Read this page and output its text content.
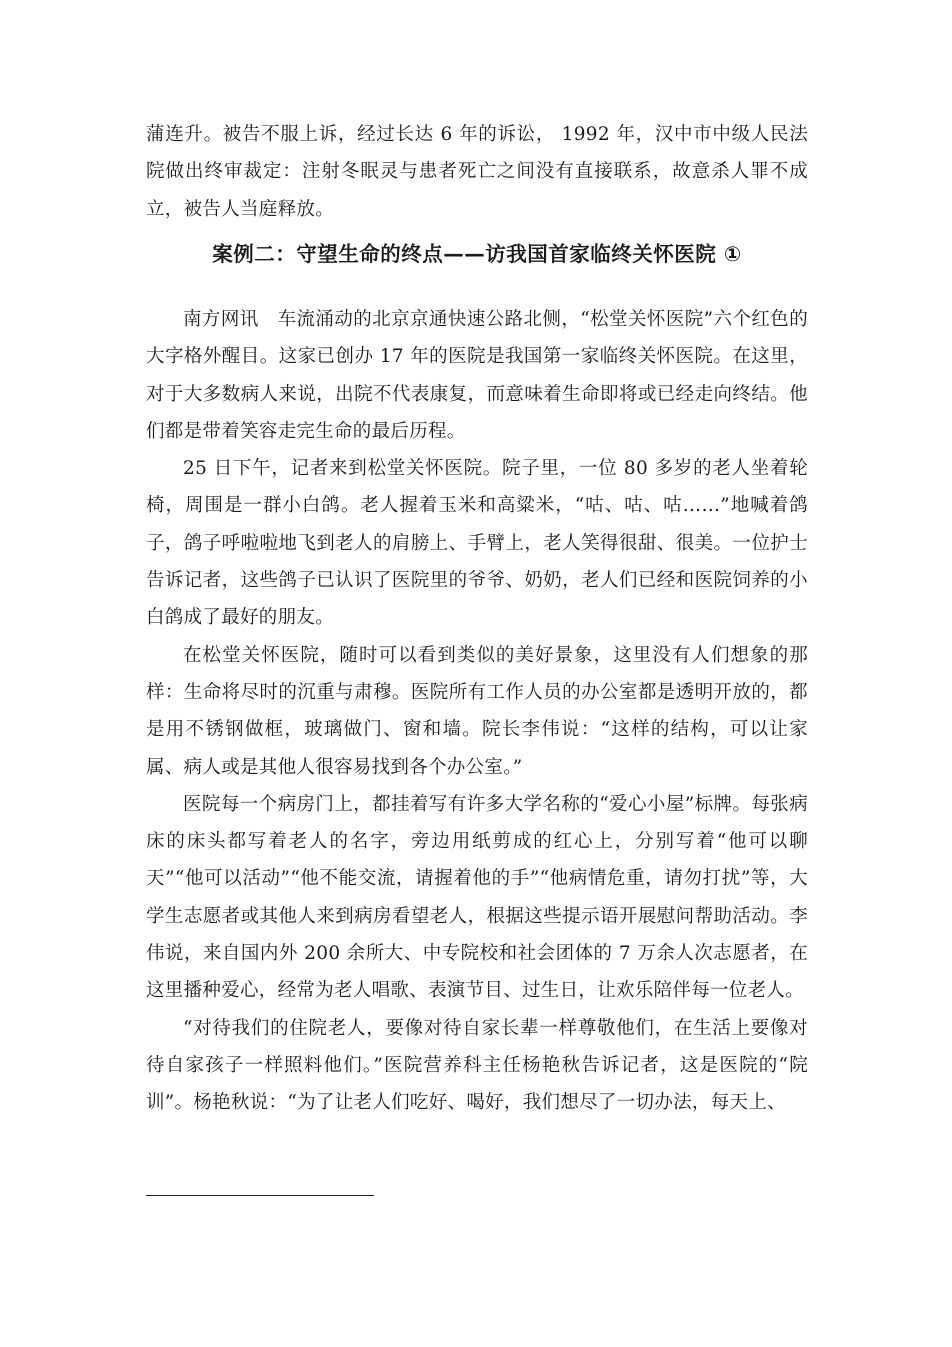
蒲连升。被告不服上诉，经过长达 6 年的诉讼， 1992 年，汉中市中级人民法院做出终审裁定：注射冬眠灵与患者死亡之间没有直接联系，故意杀人罪不成立，被告人当庭释放。

案例二：守望生命的终点——访我国首家临终关怀医院 ①

南方网讯　车流涌动的北京京通快速公路北侧，“松堂关怀医院”六个红色的大字格外醒目。这家已创办 17 年的医院是我国第一家临终关怀医院。在这里，对于大多数病人来说，出院不代表康复，而意味着生命即将或已经走向终结。他们都是带着笑容走完生命的最后历程。

25 日下午，记者来到松堂关怀医院。院子里，一位 80 多岁的老人坐着轮椅，周围是一群小白鸽。老人握着玉米和高粱米，“咕、咕、咕……”地喊着鸽子，鸽子呼啦啦地飞到老人的肩膀上、手臂上，老人笑得很甜、很美。一位护士告诉记者，这些鸽子已认识了医院里的爷爷、奶奶，老人们已经和医院饲养的小白鸽成了最好的朋友。

在松堂关怀医院，随时可以看到类似的美好景象，这里没有人们想象的那样：生命将尽时的沉重与肃穆。医院所有工作人员的办公室都是透明开放的，都是用不锈钢做框，玻璃做门、窗和墙。院长李伟说：“这样的结构，可以让家属、病人或是其他人很容易找到各个办公室。”

医院每一个病房门上，都挂着写有许多大学名称的“爱心小屋”标牌。每张病床的床头都写着老人的名字，旁边用纸剪成的红心上，分别写着“他可以聊天”“他可以活动”“他不能交流，请握着他的手”“他病情危重，请勿打扰”等，大学生志愿者或其他人来到病房看望老人，根据这些提示语开展慰问帮助活动。李伟说，来自国内外 200 余所大、中专院校和社会团体的 7 万余人次志愿者，在这里播种爱心，经常为老人唱歌、表演节目、过生日，让欢乐陪伴每一位老人。

“对待我们的住院老人，要像对待自家长辈一样尊敬他们，在生活上要像对待自家孩子一样照料他们。”医院营养科主任杨艳秋告诉记者，这是医院的“院训”。杨艳秋说：“为了让老人们吃好、喝好，我们想尽了一切办法，每天上、
